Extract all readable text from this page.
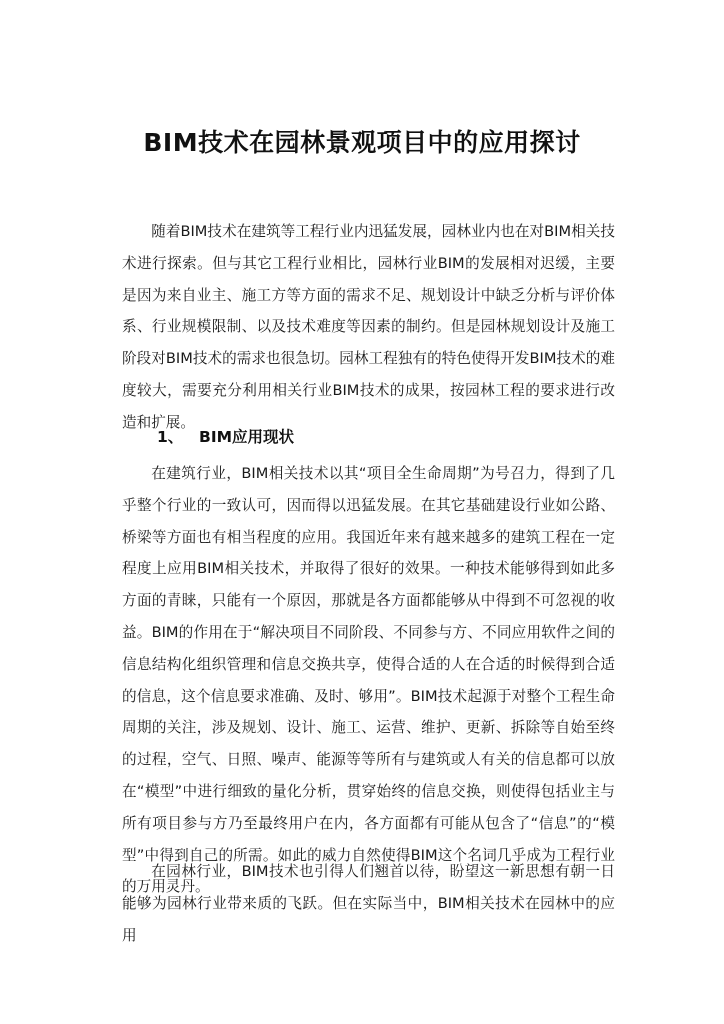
BIM技术在园林景观项目中的应用探讨

随着BIM技术在建筑等工程行业内迅猛发展，园林业内也在对BIM相关技术进行探索。但与其它工程行业相比，园林行业BIM的发展相对迟缓，主要是因为来自业主、施工方等方面的需求不足、规划设计中缺乏分析与评价体系、行业规模限制、以及技术难度等因素的制约。但是园林规划设计及施工阶段对BIM技术的需求也很急切。园林工程独有的特色使得开发BIM技术的难度较大，需要充分利用相关行业BIM技术的成果，按园林工程的要求进行改造和扩展。

1、 BIM应用现状

在建筑行业，BIM相关技术以其“项目全生命周期”为号召力，得到了几乎整个行业的一致认可，因而得以迅猛发展。在其它基础建设行业如公路、桥梁等方面也有相当程度的应用。我国近年来有越来越多的建筑工程在一定程度上应用BIM相关技术，并取得了很好的效果。一种技术能够得到如此多方面的青睐，只能有一个原因，那就是各方面都能够从中得到不可忽视的收益。BIM的作用在于“解决项目不同阶段、不同参与方、不同应用软件之间的信息结构化组织管理和信息交换共享，使得合适的人在合适的时候得到合适的信息，这个信息要求准确、及时、够用”。BIM技术起源于对整个工程生命周期的关注，涉及规划、设计、施工、运营、维护、更新、拆除等自始至终的过程，空气、日照、噪声、能源等等所有与建筑或人有关的信息都可以放在“模型”中进行细致的量化分析，贯穿始终的信息交换，则使得包括业主与所有项目参与方乃至最终用户在内，各方面都有可能从包含了“信息”的“模型”中得到自己的所需。如此的威力自然使得BIM这个名词几乎成为工程行业的万用灵丹。

在园林行业，BIM技术也引得人们翘首以待，盼望这一新思想有朝一日能够为园林行业带来质的飞跃。但在实际当中，BIM相关技术在园林中的应用
